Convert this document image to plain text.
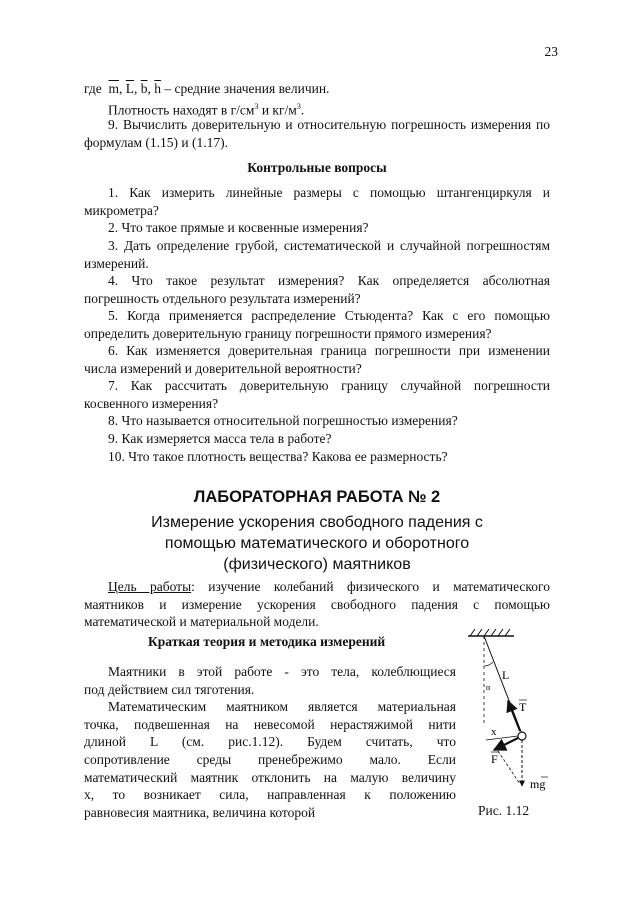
23
где $\overline{m}$, $\overline{L}$, $\overline{b}$, $\overline{h}$ – средние значения величин.
Плотность находят в $г/см^3$ и $кг/м^3$.
9. Вычислить доверительную и относительную погрешность измерения по формулам (1.15) и (1.17).
Контрольные вопросы
1. Как измерить линейные размеры с помощью штангенциркуля и микрометра?
2. Что такое прямые и косвенные измерения?
3. Дать определение грубой, систематической и случайной погрешностям измерений.
4. Что такое результат измерения? Как определяется абсолютная погрешность отдельного результата измерений?
5. Когда применяется распределение Стьюдента? Как с его помощью определить доверительную границу погрешности прямого измерения?
6. Как изменяется доверительная граница погрешности при изменении числа измерений и доверительной вероятности?
7. Как рассчитать доверительную границу случайной погрешности косвенного измерения?
8. Что называется относительной погрешностью измерения?
9. Как измеряется масса тела в работе?
10. Что такое плотность вещества? Какова ее размерность?
ЛАБОРАТОРНАЯ РАБОТА № 2
Измерение ускорения свободного падения с
помощью математического и оборотного
(физического) маятников
Цель работы: изучение колебаний физического и математического маятников и измерение ускорения свободного падения с помощью математической и материальной модели.
Краткая теория и методика измерений
Маятники в этой работе - это тела, колеблющиеся
под действием сил тяготения.
Математическим маятником является материальная
точка, подвешенная на невесомой нерастяжимой нити
длиной L (см. рис.1.12). Будем считать, что
сопротивление среды пренебрежимо мало. Если
математический маятник отклонить на малую величину
x, то возникает сила, направленная к положению
равновесия маятника, величина которой
L
α
T
x
F
mg
Рис. 1.12
